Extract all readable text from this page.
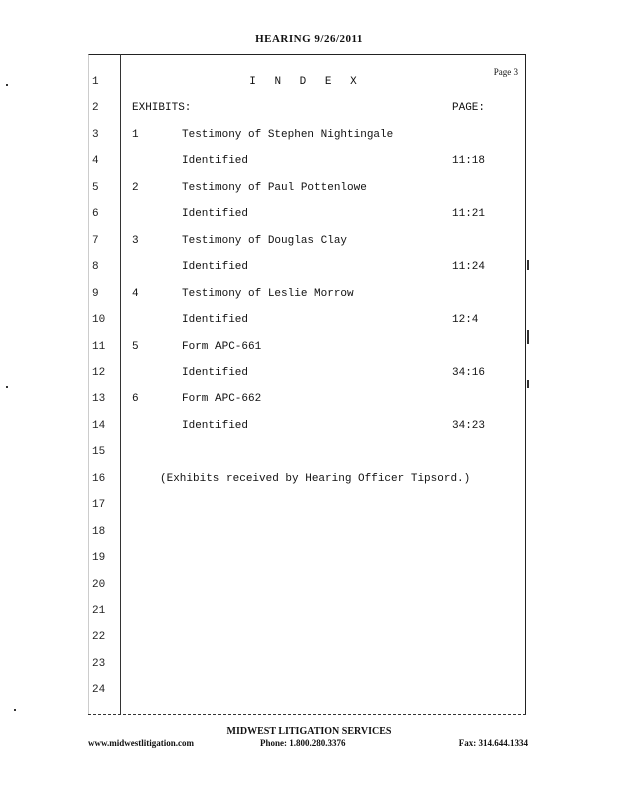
HEARING 9/26/2011
Page 3
1	I N D E X
2	EXHIBITS:	PAGE:
3	1	Testimony of Stephen Nightingale
4	Identified	11:18
5	2	Testimony of Paul Pottenlowe
6	Identified	11:21
7	3	Testimony of Douglas Clay
8	Identified	11:24
9	4	Testimony of Leslie Morrow
10	Identified	12:4
11	5	Form APC-661
12	Identified	34:16
13	6	Form APC-662
14	Identified	34:23
15
16	(Exhibits received by Hearing Officer Tipsord.)
17
18
19
20
21
22
23
24
MIDWEST LITIGATION SERVICES
www.midwestlitigation.com	Phone: 1.800.280.3376	Fax: 314.644.1334
